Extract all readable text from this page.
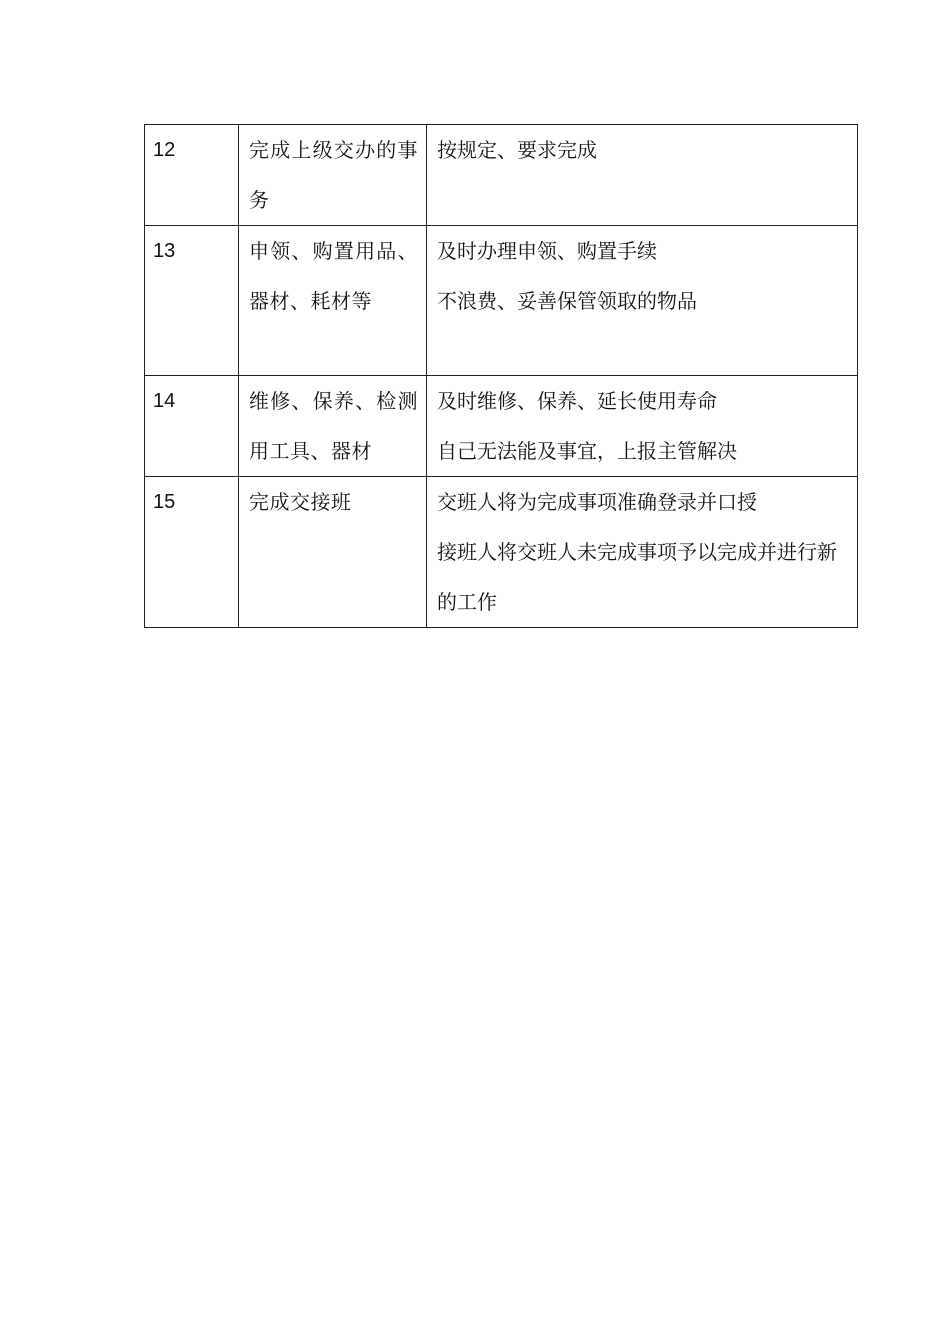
12	完成上级交办的事务	按规定、要求完成

13	申领、购置用品、器材、耗材等	及时办理申领、购置手续
不浪费、妥善保管领取的物品

14	维修、保养、检测用工具、器材	及时维修、保养、延长使用寿命
自己无法能及事宜，上报主管解决

15	完成交接班	交班人将为完成事项准确登录并口授
接班人将交班人未完成事项予以完成并进行新的工作
